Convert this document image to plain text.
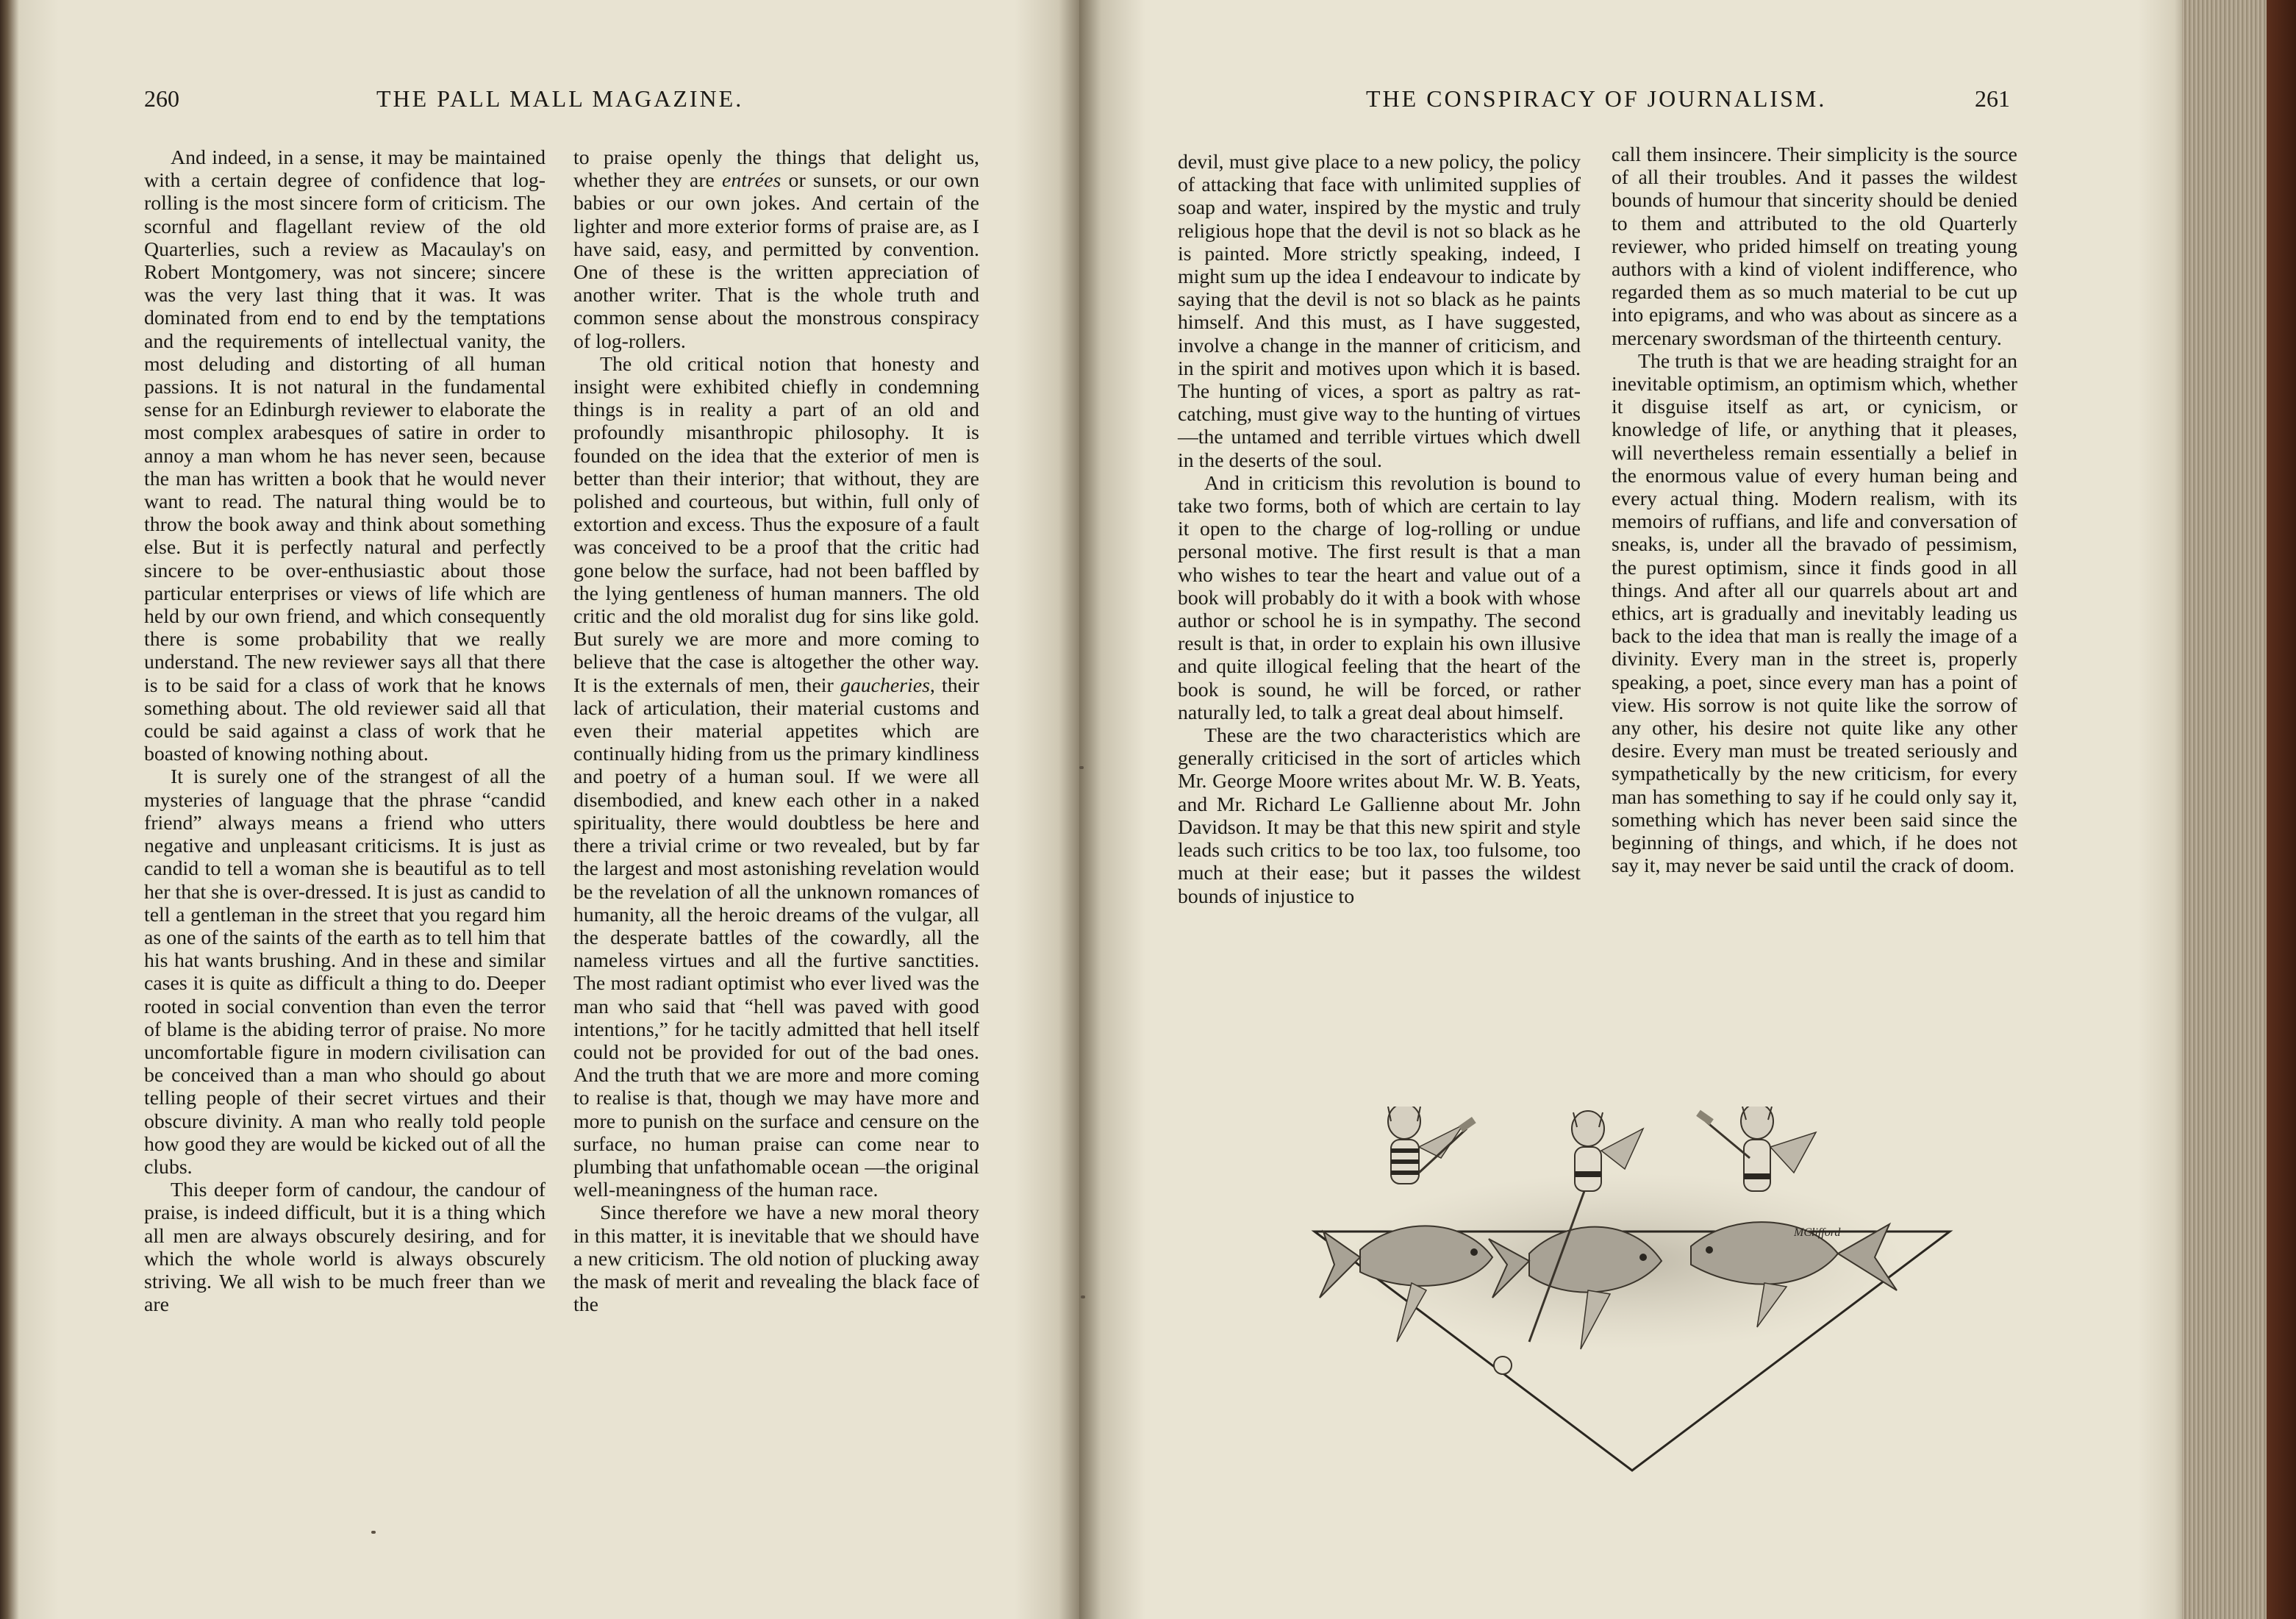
260	THE PALL MALL MAGAZINE.

And indeed, in a sense, it may be maintained with a certain degree of confidence that log-rolling is the most sincere form of criticism. The scornful and flagellant review of the old Quarterlies, such a review as Macaulay's on Robert Montgomery, was not sincere; sincere was the very last thing that it was. It was dominated from end to end by the temptations and the requirements of intellectual vanity, the most deluding and distorting of all human passions. It is not natural in the fundamental sense for an Edinburgh reviewer to elaborate the most complex arabesques of satire in order to annoy a man whom he has never seen, because the man has written a book that he would never want to read. The natural thing would be to throw the book away and think about something else. But it is perfectly natural and perfectly sincere to be over-enthusiastic about those particular enterprises or views of life which are held by our own friend, and which consequently there is some probability that we really understand. The new reviewer says all that there is to be said for a class of work that he knows something about. The old reviewer said all that could be said against a class of work that he boasted of knowing nothing about.

It is surely one of the strangest of all the mysteries of language that the phrase “candid friend” always means a friend who utters negative and unpleasant criticisms. It is just as candid to tell a woman she is beautiful as to tell her that she is over-dressed. It is just as candid to tell a gentleman in the street that you regard him as one of the saints of the earth as to tell him that his hat wants brushing. And in these and similar cases it is quite as difficult a thing to do. Deeper rooted in social convention than even the terror of blame is the abiding terror of praise. No more uncomfortable figure in modern civilisation can be conceived than a man who should go about telling people of their secret virtues and their obscure divinity. A man who really told people how good they are would be kicked out of all the clubs.

This deeper form of candour, the candour of praise, is indeed difficult, but it is a thing which all men are always obscurely desiring, and for which the whole world is always obscurely striving. We all wish to be much freer than we are

to praise openly the things that delight us, whether they are entrées or sunsets, or our own babies or our own jokes. And certain of the lighter and more exterior forms of praise are, as I have said, easy, and permitted by convention. One of these is the written appreciation of another writer. That is the whole truth and common sense about the monstrous conspiracy of log-rollers.

The old critical notion that honesty and insight were exhibited chiefly in condemning things is in reality a part of an old and profoundly misanthropic philosophy. It is founded on the idea that the exterior of men is better than their interior; that without, they are polished and courteous, but within, full only of extortion and excess. Thus the exposure of a fault was conceived to be a proof that the critic had gone below the surface, had not been baffled by the lying gentleness of human manners. The old critic and the old moralist dug for sins like gold. But surely we are more and more coming to believe that the case is altogether the other way. It is the externals of men, their gaucheries, their lack of articulation, their material customs and even their material appetites which are continually hiding from us the primary kindliness and poetry of a human soul. If we were all disembodied, and knew each other in a naked spirituality, there would doubtless be here and there a trivial crime or two revealed, but by far the largest and most astonishing revelation would be the revelation of all the unknown romances of humanity, all the heroic dreams of the vulgar, all the desperate battles of the cowardly, all the nameless virtues and all the furtive sanctities. The most radiant optimist who ever lived was the man who said that “hell was paved with good intentions,” for he tacitly admitted that hell itself could not be provided for out of the bad ones. And the truth that we are more and more coming to realise is that, though we may have more and more to punish on the surface and censure on the surface, no human praise can come near to plumbing that unfathomable ocean —the original well-meaningness of the human race.

Since therefore we have a new moral theory in this matter, it is inevitable that we should have a new criticism. The old notion of plucking away the mask of merit and revealing the black face of the

THE CONSPIRACY OF JOURNALISM.	261

devil, must give place to a new policy, the policy of attacking that face with unlimited supplies of soap and water, inspired by the mystic and truly religious hope that the devil is not so black as he is painted. More strictly speaking, indeed, I might sum up the idea I endeavour to indicate by saying that the devil is not so black as he paints himself. And this must, as I have suggested, involve a change in the manner of criticism, and in the spirit and motives upon which it is based. The hunting of vices, a sport as paltry as rat-catching, must give way to the hunting of virtues—the untamed and terrible virtues which dwell in the deserts of the soul.

And in criticism this revolution is bound to take two forms, both of which are certain to lay it open to the charge of log-rolling or undue personal motive. The first result is that a man who wishes to tear the heart and value out of a book will probably do it with a book with whose author or school he is in sympathy. The second result is that, in order to explain his own illusive and quite illogical feeling that the heart of the book is sound, he will be forced, or rather naturally led, to talk a great deal about himself.

These are the two characteristics which are generally criticised in the sort of articles which Mr. George Moore writes about Mr. W. B. Yeats, and Mr. Richard Le Gallienne about Mr. John Davidson. It may be that this new spirit and style leads such critics to be too lax, too fulsome, too much at their ease; but it passes the wildest bounds of injustice to

call them insincere. Their simplicity is the source of all their troubles. And it passes the wildest bounds of humour that sincerity should be denied to them and attributed to the old Quarterly reviewer, who prided himself on treating young authors with a kind of violent indifference, who regarded them as so much material to be cut up into epigrams, and who was about as sincere as a mercenary swordsman of the thirteenth century.

The truth is that we are heading straight for an inevitable optimism, an optimism which, whether it disguise itself as art, or cynicism, or knowledge of life, or anything that it pleases, will nevertheless remain essentially a belief in the enormous value of every human being and every actual thing. Modern realism, with its memoirs of ruffians, and life and conversation of sneaks, is, under all the bravado of pessimism, the purest optimism, since it finds good in all things. And after all our quarrels about art and ethics, art is gradually and inevitably leading us back to the idea that man is really the image of a divinity. Every man in the street is, properly speaking, a poet, since every man has a point of view. His sorrow is not quite like the sorrow of any other, his desire not quite like any other desire. Every man must be treated seriously and sympathetically by the new criticism, for every man has something to say if he could only say it, something which has never been said since the beginning of things, and which, if he does not say it, may never be said until the crack of doom.

MClifford
